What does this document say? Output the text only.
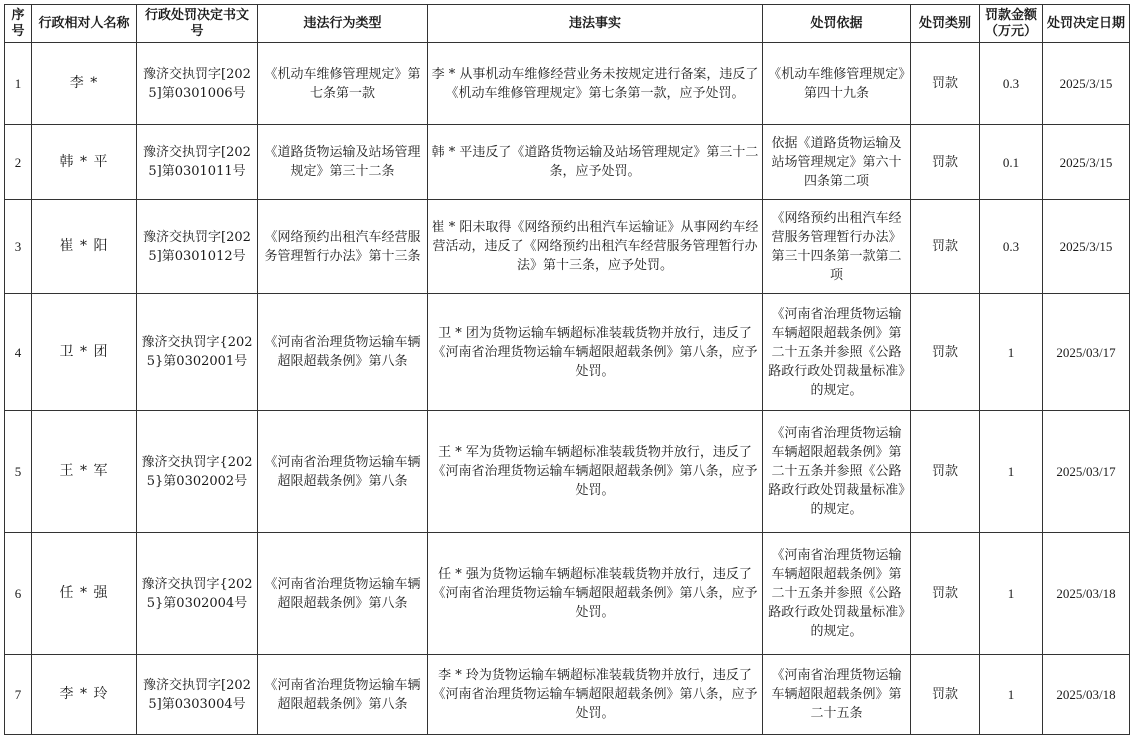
序号	行政相对人名称	行政处罚决定书文号	违法行为类型	违法事实	处罚依据	处罚类别	罚款金额（万元）	处罚决定日期
1	李 *	豫济交执罚字[2025]第0301006号	《机动车维修管理规定》第七条第一款	李 * 从事机动车维修经营业务未按规定进行备案，违反了《机动车维修管理规定》第七条第一款，应予处罚。	《机动车维修管理规定》第四十九条	罚款	0.3	2025/3/15
2	韩 * 平	豫济交执罚字[2025]第0301011号	《道路货物运输及站场管理规定》第三十二条	韩 * 平违反了《道路货物运输及站场管理规定》第三十二条，应予处罚。	依据《道路货物运输及站场管理规定》第六十四条第二项	罚款	0.1	2025/3/15
3	崔 * 阳	豫济交执罚字[2025]第0301012号	《网络预约出租汽车经营服务管理暂行办法》第十三条	崔 * 阳未取得《网络预约出租汽车运输证》从事网约车经营活动，违反了《网络预约出租汽车经营服务管理暂行办法》第十三条，应予处罚。	《网络预约出租汽车经营服务管理暂行办法》第三十四条第一款第二项	罚款	0.3	2025/3/15
4	卫 * 团	豫济交执罚字{2025}第0302001号	《河南省治理货物运输车辆超限超载条例》第八条	卫 * 团为货物运输车辆超标准装载货物并放行，违反了《河南省治理货物运输车辆超限超载条例》第八条，应予处罚。	《河南省治理货物运输车辆超限超载条例》第二十五条并参照《公路路政行政处罚裁量标准》的规定。	罚款	1	2025/03/17
5	王 * 军	豫济交执罚字{2025}第0302002号	《河南省治理货物运输车辆超限超载条例》第八条	王 * 军为货物运输车辆超标准装载货物并放行，违反了《河南省治理货物运输车辆超限超载条例》第八条，应予处罚。	《河南省治理货物运输车辆超限超载条例》第二十五条并参照《公路路政行政处罚裁量标准》的规定。	罚款	1	2025/03/17
6	任 * 强	豫济交执罚字{2025}第0302004号	《河南省治理货物运输车辆超限超载条例》第八条	任 * 强为货物运输车辆超标准装载货物并放行，违反了《河南省治理货物运输车辆超限超载条例》第八条，应予处罚。	《河南省治理货物运输车辆超限超载条例》第二十五条并参照《公路路政行政处罚裁量标准》的规定。	罚款	1	2025/03/18
7	李 * 玲	豫济交执罚字[2025]第0303004号	《河南省治理货物运输车辆超限超载条例》第八条	李 * 玲为货物运输车辆超标准装载货物并放行，违反了《河南省治理货物运输车辆超限超载条例》第八条，应予处罚。	《河南省治理货物运输车辆超限超载条例》第二十五条	罚款	1	2025/03/18
